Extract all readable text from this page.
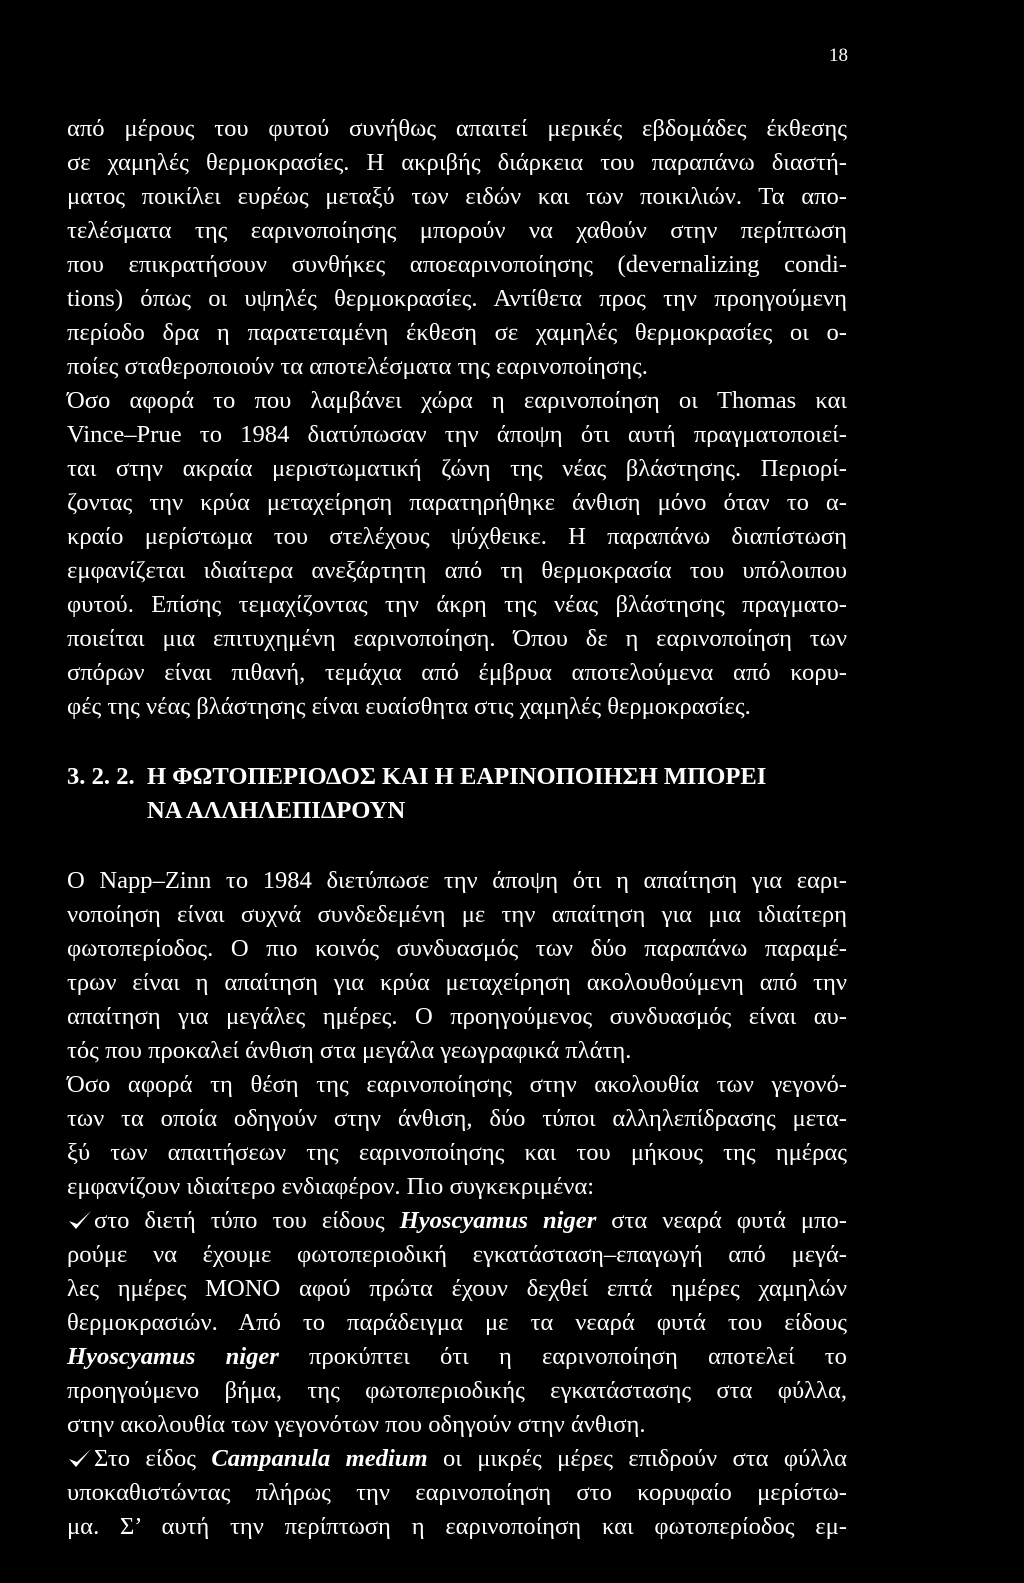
18
από μέρους του φυτού συνήθως απαιτεί μερικές εβδομάδες έκθεσης
σε χαμηλές θερμοκρασίες. Η ακριβής διάρκεια του παραπάνω διαστή-
ματος ποικίλει ευρέως μεταξύ των ειδών και των ποικιλιών. Τα απο-
τελέσματα της εαρινοποίησης μπορούν να χαθούν στην περίπτωση
που επικρατήσουν συνθήκες αποεαρινοποίησης (devernalizing condi-
tions) όπως οι υψηλές θερμοκρασίες. Αντίθετα προς την προηγούμενη
περίοδο δρα η παρατεταμένη έκθεση σε χαμηλές θερμοκρασίες οι ο-
ποίες σταθεροποιούν τα αποτελέσματα της εαρινοποίησης.
Όσο αφορά το που λαμβάνει χώρα η εαρινοποίηση οι Thomas και
Vince–Prue το 1984 διατύπωσαν την άποψη ότι αυτή πραγματοποιεί-
ται στην ακραία μεριστωματική ζώνη της νέας βλάστησης. Περιορί-
ζοντας την κρύα μεταχείρηση παρατηρήθηκε άνθιση μόνο όταν το α-
κραίο μερίστωμα του στελέχους ψύχθεικε. Η παραπάνω διαπίστωση
εμφανίζεται ιδιαίτερα ανεξάρτητη από τη θερμοκρασία του υπόλοιπου
φυτού. Επίσης τεμαχίζοντας την άκρη της νέας βλάστησης πραγματο-
ποιείται μια επιτυχημένη εαρινοποίηση. Όπου δε η εαρινοποίηση των
σπόρων είναι πιθανή, τεμάχια από έμβρυα αποτελούμενα από κορυ-
φές της νέας βλάστησης είναι ευαίσθητα στις χαμηλές θερμοκρασίες.
3. 2. 2. Η ΦΩΤΟΠΕΡΙΟΔΟΣ ΚΑΙ Η ΕΑΡΙΝΟΠΟΙΗΣΗ ΜΠΟΡΕΙ
ΝΑ ΑΛΛΗΛΕΠΙΔΡΟΥΝ
Ο Napp–Zinn το 1984 διετύπωσε την άποψη ότι η απαίτηση για εαρι-
νοποίηση είναι συχνά συνδεδεμένη με την απαίτηση για μια ιδιαίτερη
φωτοπερίοδος. Ο πιο κοινός συνδυασμός των δύο παραπάνω παραμέ-
τρων είναι η απαίτηση για κρύα μεταχείρηση ακολουθούμενη από την
απαίτηση για μεγάλες ημέρες. Ο προηγούμενος συνδυασμός είναι αυ-
τός που προκαλεί άνθιση στα μεγάλα γεωγραφικά πλάτη.
Όσο αφορά τη θέση της εαρινοποίησης στην ακολουθία των γεγονό-
των τα οποία οδηγούν στην άνθιση, δύο τύποι αλληλεπίδρασης μετα-
ξύ των απαιτήσεων της εαρινοποίησης και του μήκους της ημέρας
εμφανίζουν ιδιαίτερο ενδιαφέρον. Πιο συγκεκριμένα:
στο διετή τύπο του είδους Hyoscyamus niger στα νεαρά φυτά μπο-
ρούμε να έχουμε φωτοπεριοδική εγκατάσταση–επαγωγή από μεγά-
λες ημέρες ΜΟΝΟ αφού πρώτα έχουν δεχθεί επτά ημέρες χαμηλών
θερμοκρασιών. Από το παράδειγμα με τα νεαρά φυτά του είδους
Hyoscyamus niger προκύπτει ότι η εαρινοποίηση αποτελεί το
προηγούμενο βήμα, της φωτοπεριοδικής εγκατάστασης στα φύλλα,
στην ακολουθία των γεγονότων που οδηγούν στην άνθιση.
Στο είδος Campanula medium οι μικρές μέρες επιδρούν στα φύλλα
υποκαθιστώντας πλήρως την εαρινοποίηση στο κορυφαίο μερίστω-
μα. Σ’ αυτή την περίπτωση η εαρινοποίηση και φωτοπερίοδος εμ-
